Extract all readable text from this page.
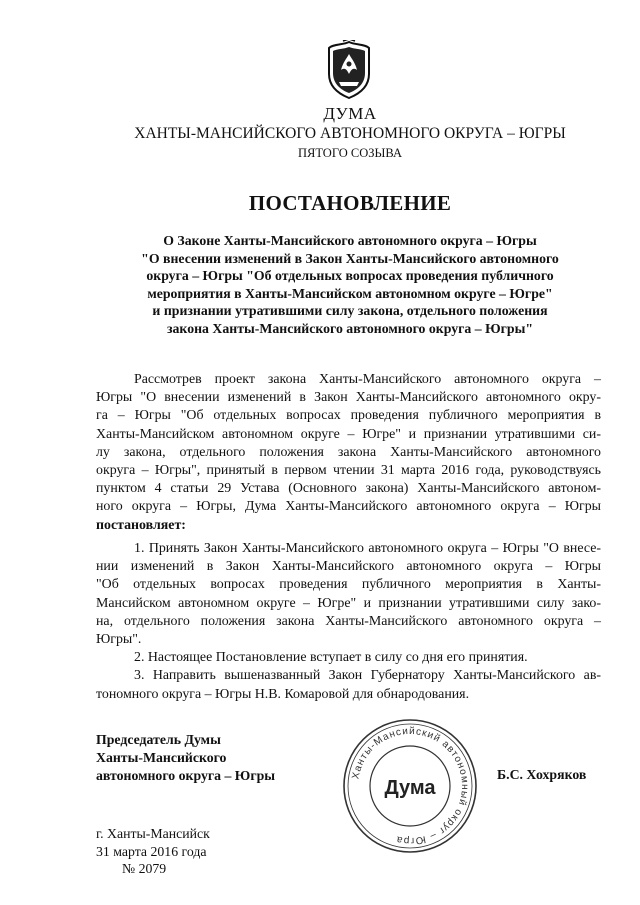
ДУМА
ХАНТЫ-МАНСИЙСКОГО АВТОНОМНОГО ОКРУГА – ЮГРЫ
ПЯТОГО СОЗЫВА
ПОСТАНОВЛЕНИЕ
О Законе Ханты-Мансийского автономного округа – Югры
"О внесении изменений в Закон Ханты-Мансийского автономного
округа – Югры "Об отдельных вопросах проведения публичного
мероприятия в Ханты-Мансийском автономном округе – Югре"
и признании утратившими силу закона, отдельного положения
закона Ханты-Мансийского автономного округа – Югры"
Рассмотрев проект закона Ханты-Мансийского автономного округа –
Югры "О внесении изменений в Закон Ханты-Мансийского автономного окру-
га – Югры "Об отдельных вопросах проведения публичного мероприятия в
Ханты-Мансийском автономном округе – Югре" и признании утратившими си-
лу закона, отдельного положения закона Ханты-Мансийского автономного
округа – Югры", принятый в первом чтении 31 марта 2016 года, руководствуясь
пунктом 4 статьи 29 Устава (Основного закона) Ханты-Мансийского автоном-
ного округа – Югры, Дума Ханты-Мансийского автономного округа – Югры
постановляет:
1. Принять Закон Ханты-Мансийского автономного округа – Югры "О внесе-
нии изменений в Закон Ханты-Мансийского автономного округа – Югры
"Об отдельных вопросах проведения публичного мероприятия в Ханты-
Мансийском автономном округе – Югре" и признании утратившими силу зако-
на, отдельного положения закона Ханты-Мансийского автономного округа –
Югры".
2. Настоящее Постановление вступает в силу со дня его принятия.
3. Направить вышеназванный Закон Губернатору Ханты-Мансийского ав-
тономного округа – Югры Н.В. Комаровой для обнародования.
Председатель Думы
Ханты-Мансийского
автономного округа – Югры	Ханты-Мансийский автономный округ – Югра
Дума
Б.С. Хохряков
г. Ханты-Мансийск
31 марта 2016 года
№ 2079
